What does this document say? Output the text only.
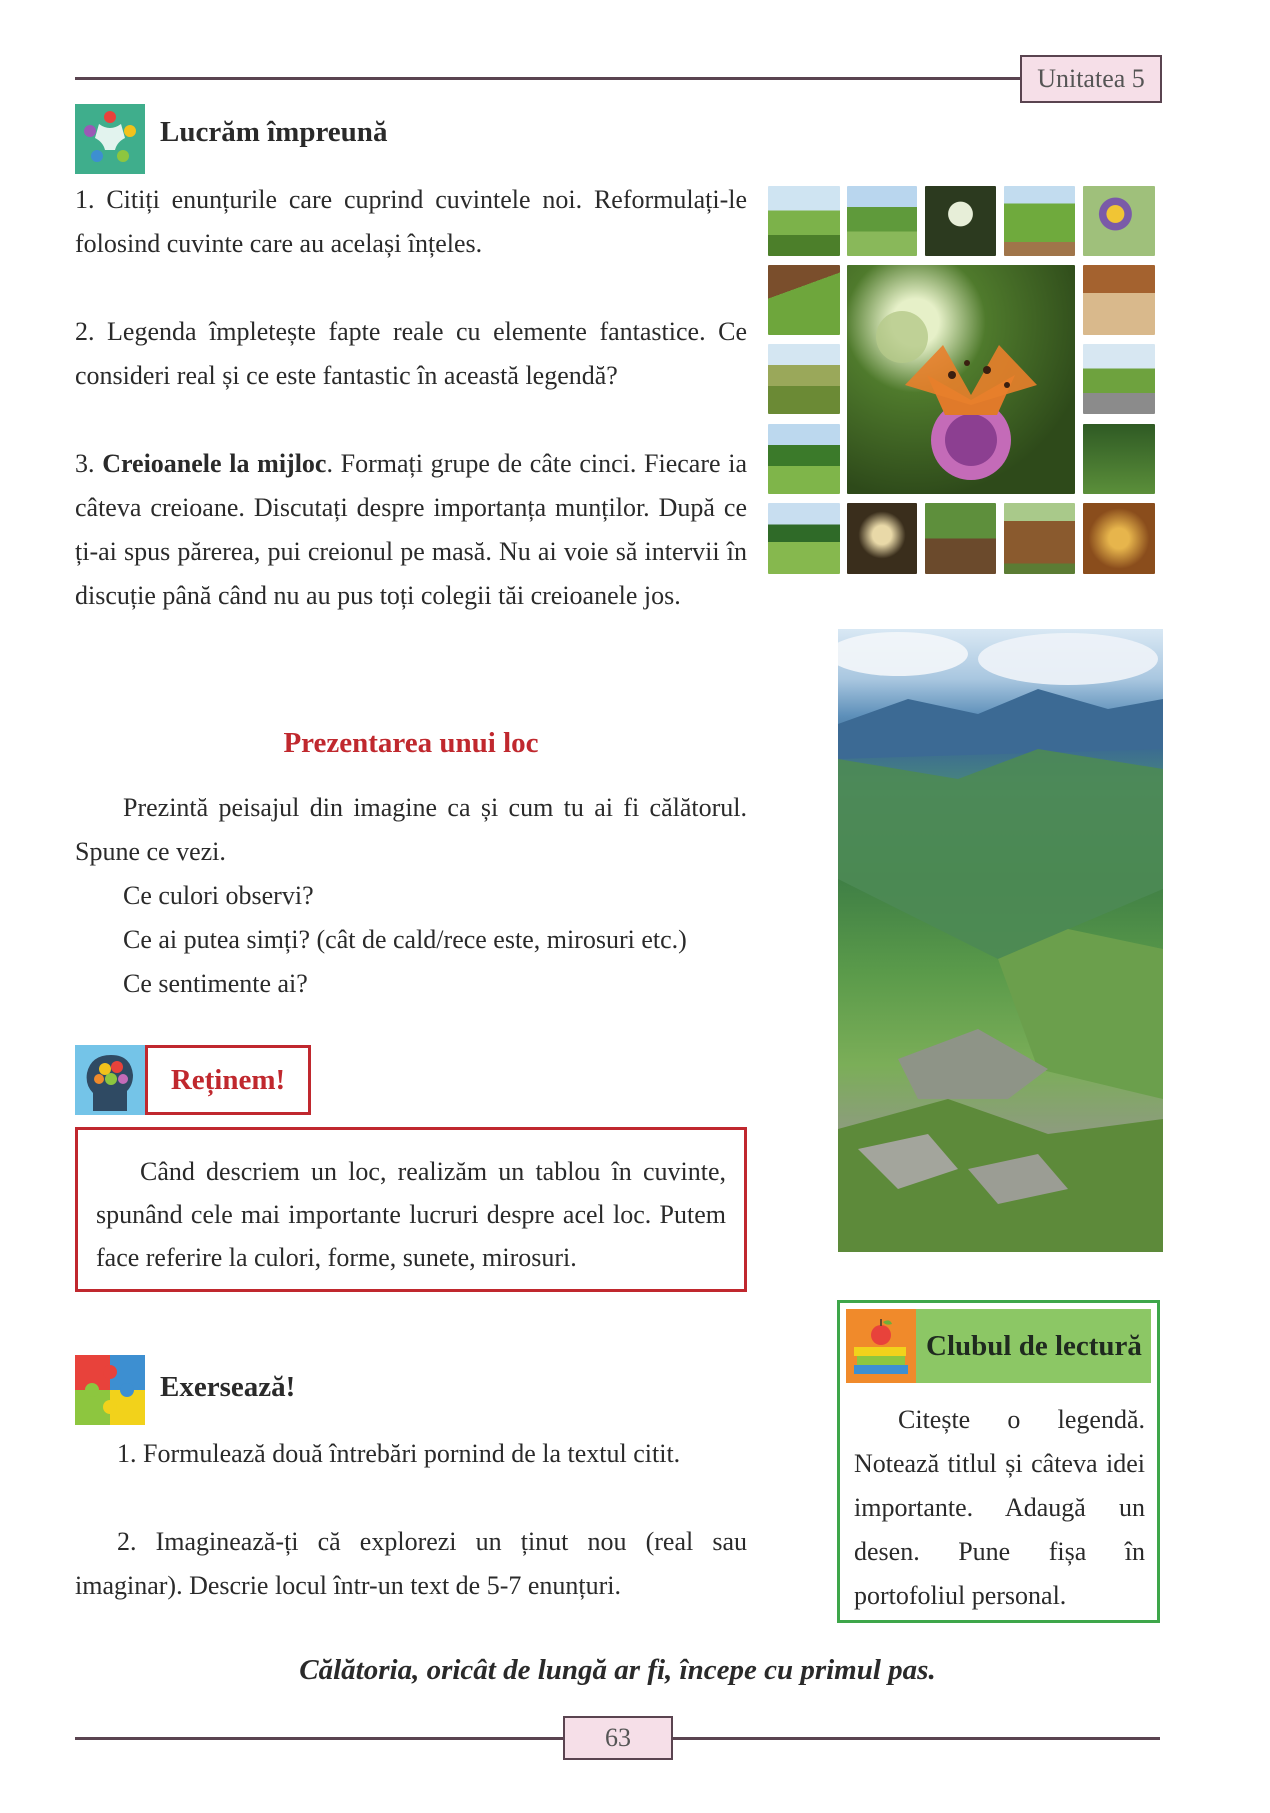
Unitatea 5
Lucrăm împreună

1. Citiți enunțurile care cuprind cuvintele noi. Reformulați-le folosind cuvinte care au același înțeles.

2. Legenda împletește fapte reale cu elemente fantastice. Ce consideri real și ce este fantastic în această legendă?

3. Creioanele la mijloc. Formați grupe de câte cinci. Fiecare ia câteva creioane. Discutați despre importanța munților. După ce ți-ai spus părerea, pui creionul pe masă. Nu ai voie să intervii în discuție până când nu au pus toți colegii tăi creioanele jos.

Prezentarea unui loc

Prezintă peisajul din imagine ca și cum tu ai fi călătorul. Spune ce vezi.

Ce culori observi?

Ce ai putea simți? (cât de cald/rece este, mirosuri etc.)

Ce sentimente ai?

Reținem!

Când descriem un loc, realizăm un tablou în cuvinte, spunând cele mai importante lucruri despre acel loc. Putem face referire la culori, forme, sunete, mirosuri.

Exersează!

1. Formulează două întrebări pornind de la textul citit.

2. Imaginează-ți că explorezi un ținut nou (real sau imaginar). Descrie locul într-un text de 5-7 enunțuri.

Clubul de lectură

Citește o legendă. Notează titlul și câteva idei importante. Adaugă un desen. Pune fișa în portofoliul personal.

Călătoria, oricât de lungă ar fi, începe cu primul pas.
63
